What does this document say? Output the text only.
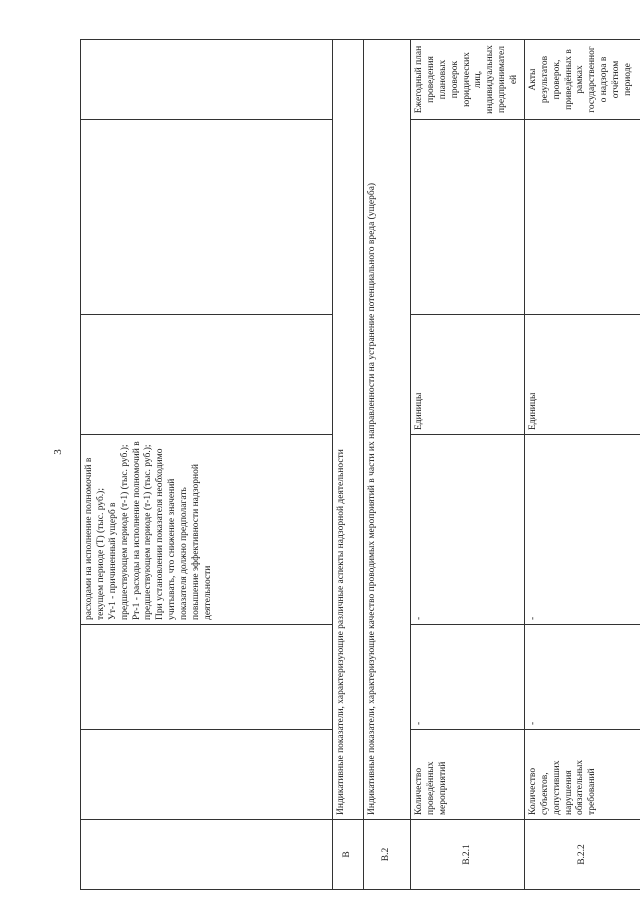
3
			расходами на исполнение полномочий в текущем периоде (Т) (тыс. руб.);
Ут-1 - причиненный ущерб в предшествующем периоде (т-1) (тыс. руб.);
Рт-1 - расходы на исполнение полномочий в предшествующем периоде (т-1) (тыс. руб.);
При установлении показателя необходимо учитывать, что снижение значений показателя должно предполагать повышение эффективности надзорной деятельности			
В	Индикативные показатели, характеризующие различные аспекты надзорной деятельности					
В.2	Индикативные показатели, характеризующие качество проводимых мероприятий в части их направленности на устранение потенциального вреда (ущерба)					
В.2.1	Количество проведённых мероприятий	-	-	Единицы		Ежегодный план проведения плановых проверок юридических лиц, индивидуальных предпринимателей
В.2.2	Количество субъектов, допустивших нарушения обязательных требований	-	-	Единицы		Акты результатов проверок, приведённых в рамках государственного надзора в отчётном периоде
